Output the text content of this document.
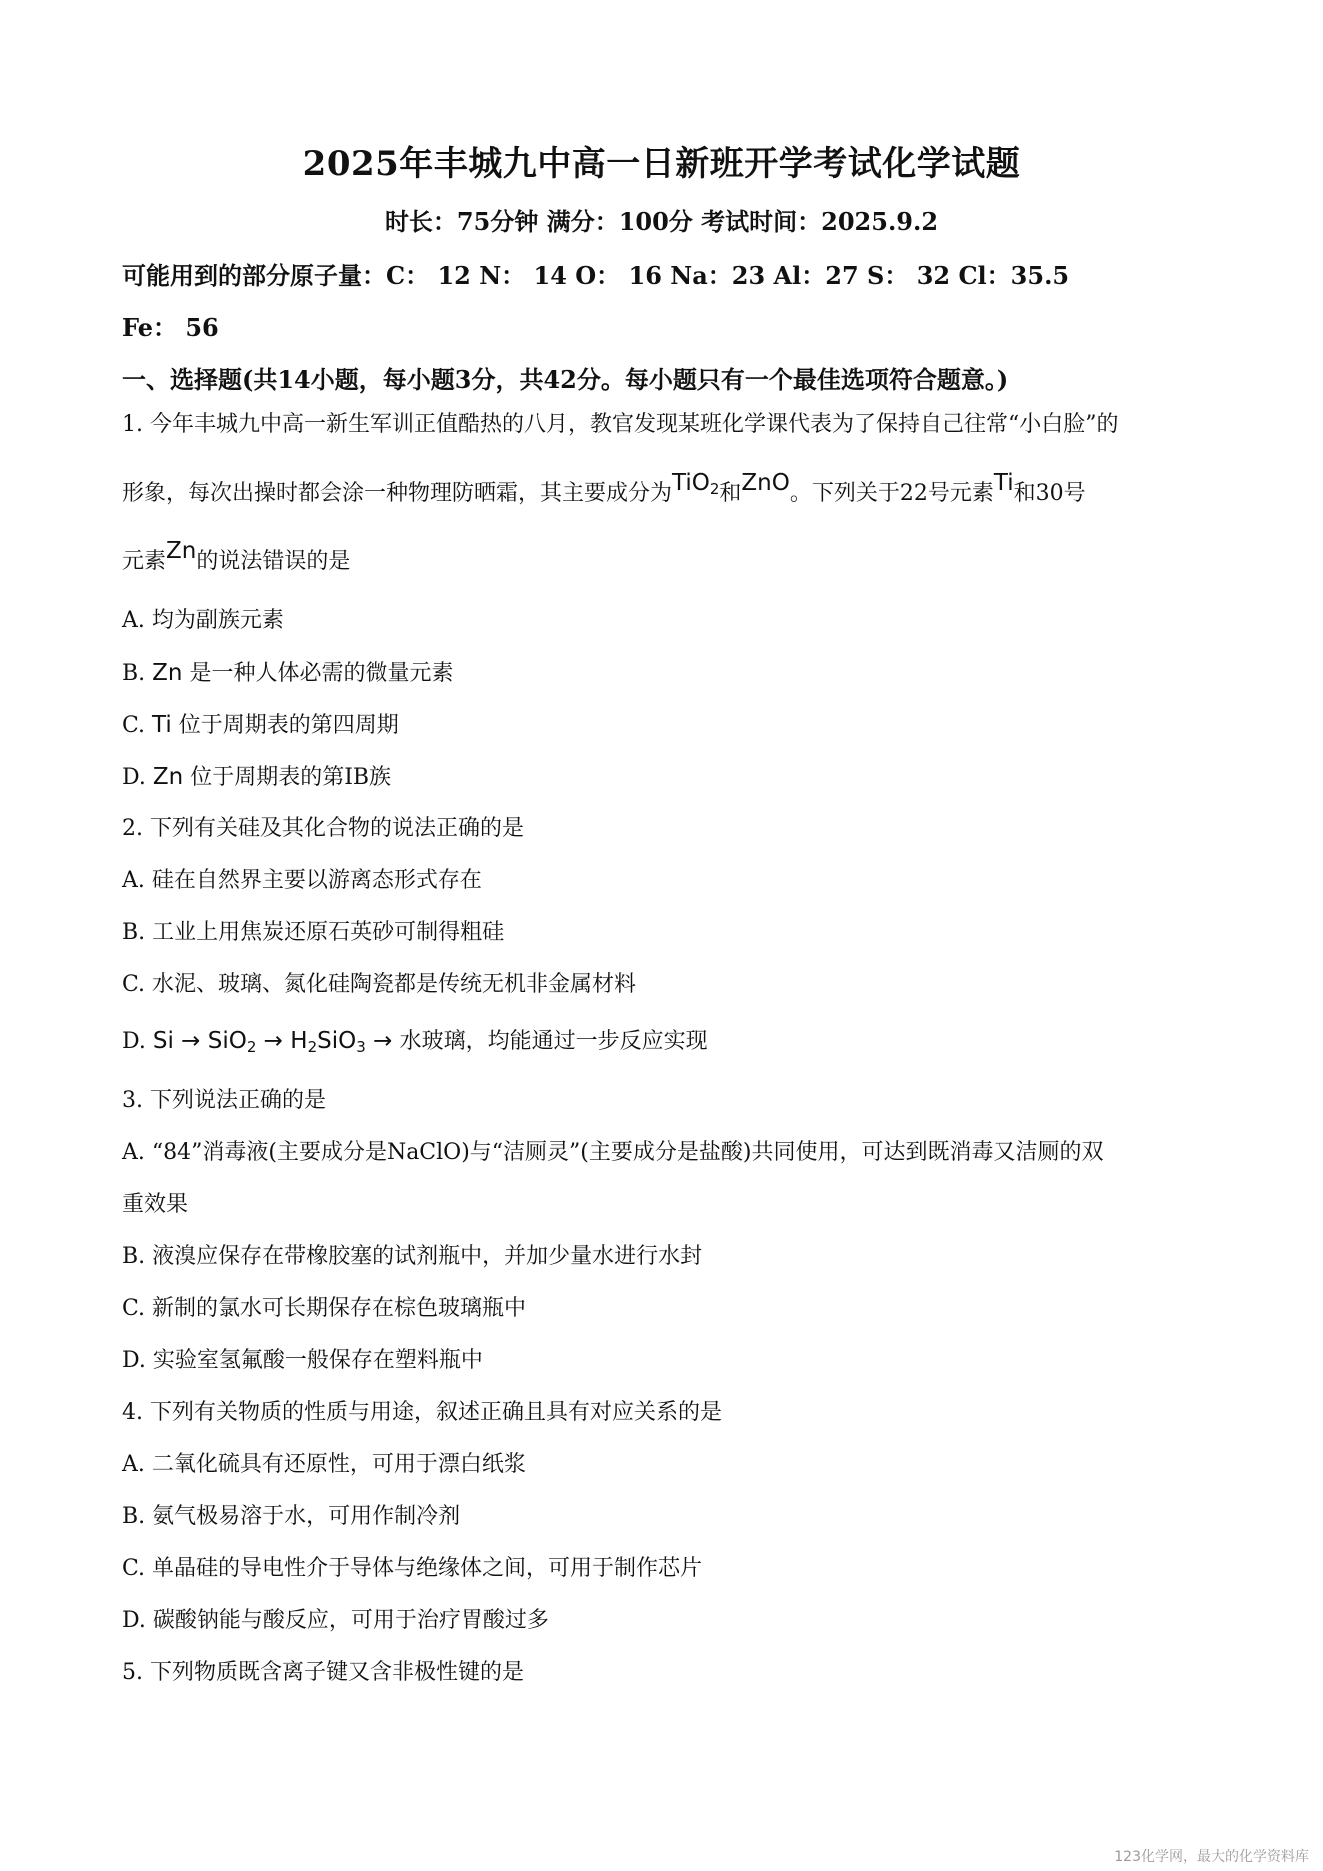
2025年丰城九中高一日新班开学考试化学试题
时长：75分钟 满分：100分 考试时间：2025.9.2
可能用到的部分原子量：C： 12 N： 14 O： 16 Na：23 Al：27 S： 32 Cl：35.5
Fe： 56
一、选择题(共14小题，每小题3分，共42分。每小题只有一个最佳选项符合题意。)
1. 今年丰城九中高一新生军训正值酷热的八月，教官发现某班化学课代表为了保持自己往常“小白脸”的
形象，每次出操时都会涂一种物理防晒霜，其主要成分为TiO$_2$和ZnO。下列关于22号元素Ti和30号
元素Zn的说法错误的是
A. 均为副族元素
B. Zn 是一种人体必需的微量元素
C. Ti 位于周期表的第四周期
D. Zn 位于周期表的第ⅠB族
2. 下列有关硅及其化合物的说法正确的是
A. 硅在自然界主要以游离态形式存在
B. 工业上用焦炭还原石英砂可制得粗硅
C. 水泥、玻璃、氮化硅陶瓷都是传统无机非金属材料
D. $Si \to SiO_2 \to H_2SiO_3$ → 水玻璃，均能通过一步反应实现
3. 下列说法正确的是
A. “84”消毒液(主要成分是NaClO)与“洁厕灵”(主要成分是盐酸)共同使用，可达到既消毒又洁厕的双
重效果
B. 液溴应保存在带橡胶塞的试剂瓶中，并加少量水进行水封
C. 新制的氯水可长期保存在棕色玻璃瓶中
D. 实验室氢氟酸一般保存在塑料瓶中
4. 下列有关物质的性质与用途，叙述正确且具有对应关系的是
A. 二氧化硫具有还原性，可用于漂白纸浆
B. 氨气极易溶于水，可用作制冷剂
C. 单晶硅的导电性介于导体与绝缘体之间，可用于制作芯片
D. 碳酸钠能与酸反应，可用于治疗胃酸过多
5. 下列物质既含离子键又含非极性键的是
123化学网，最大的化学资料库
